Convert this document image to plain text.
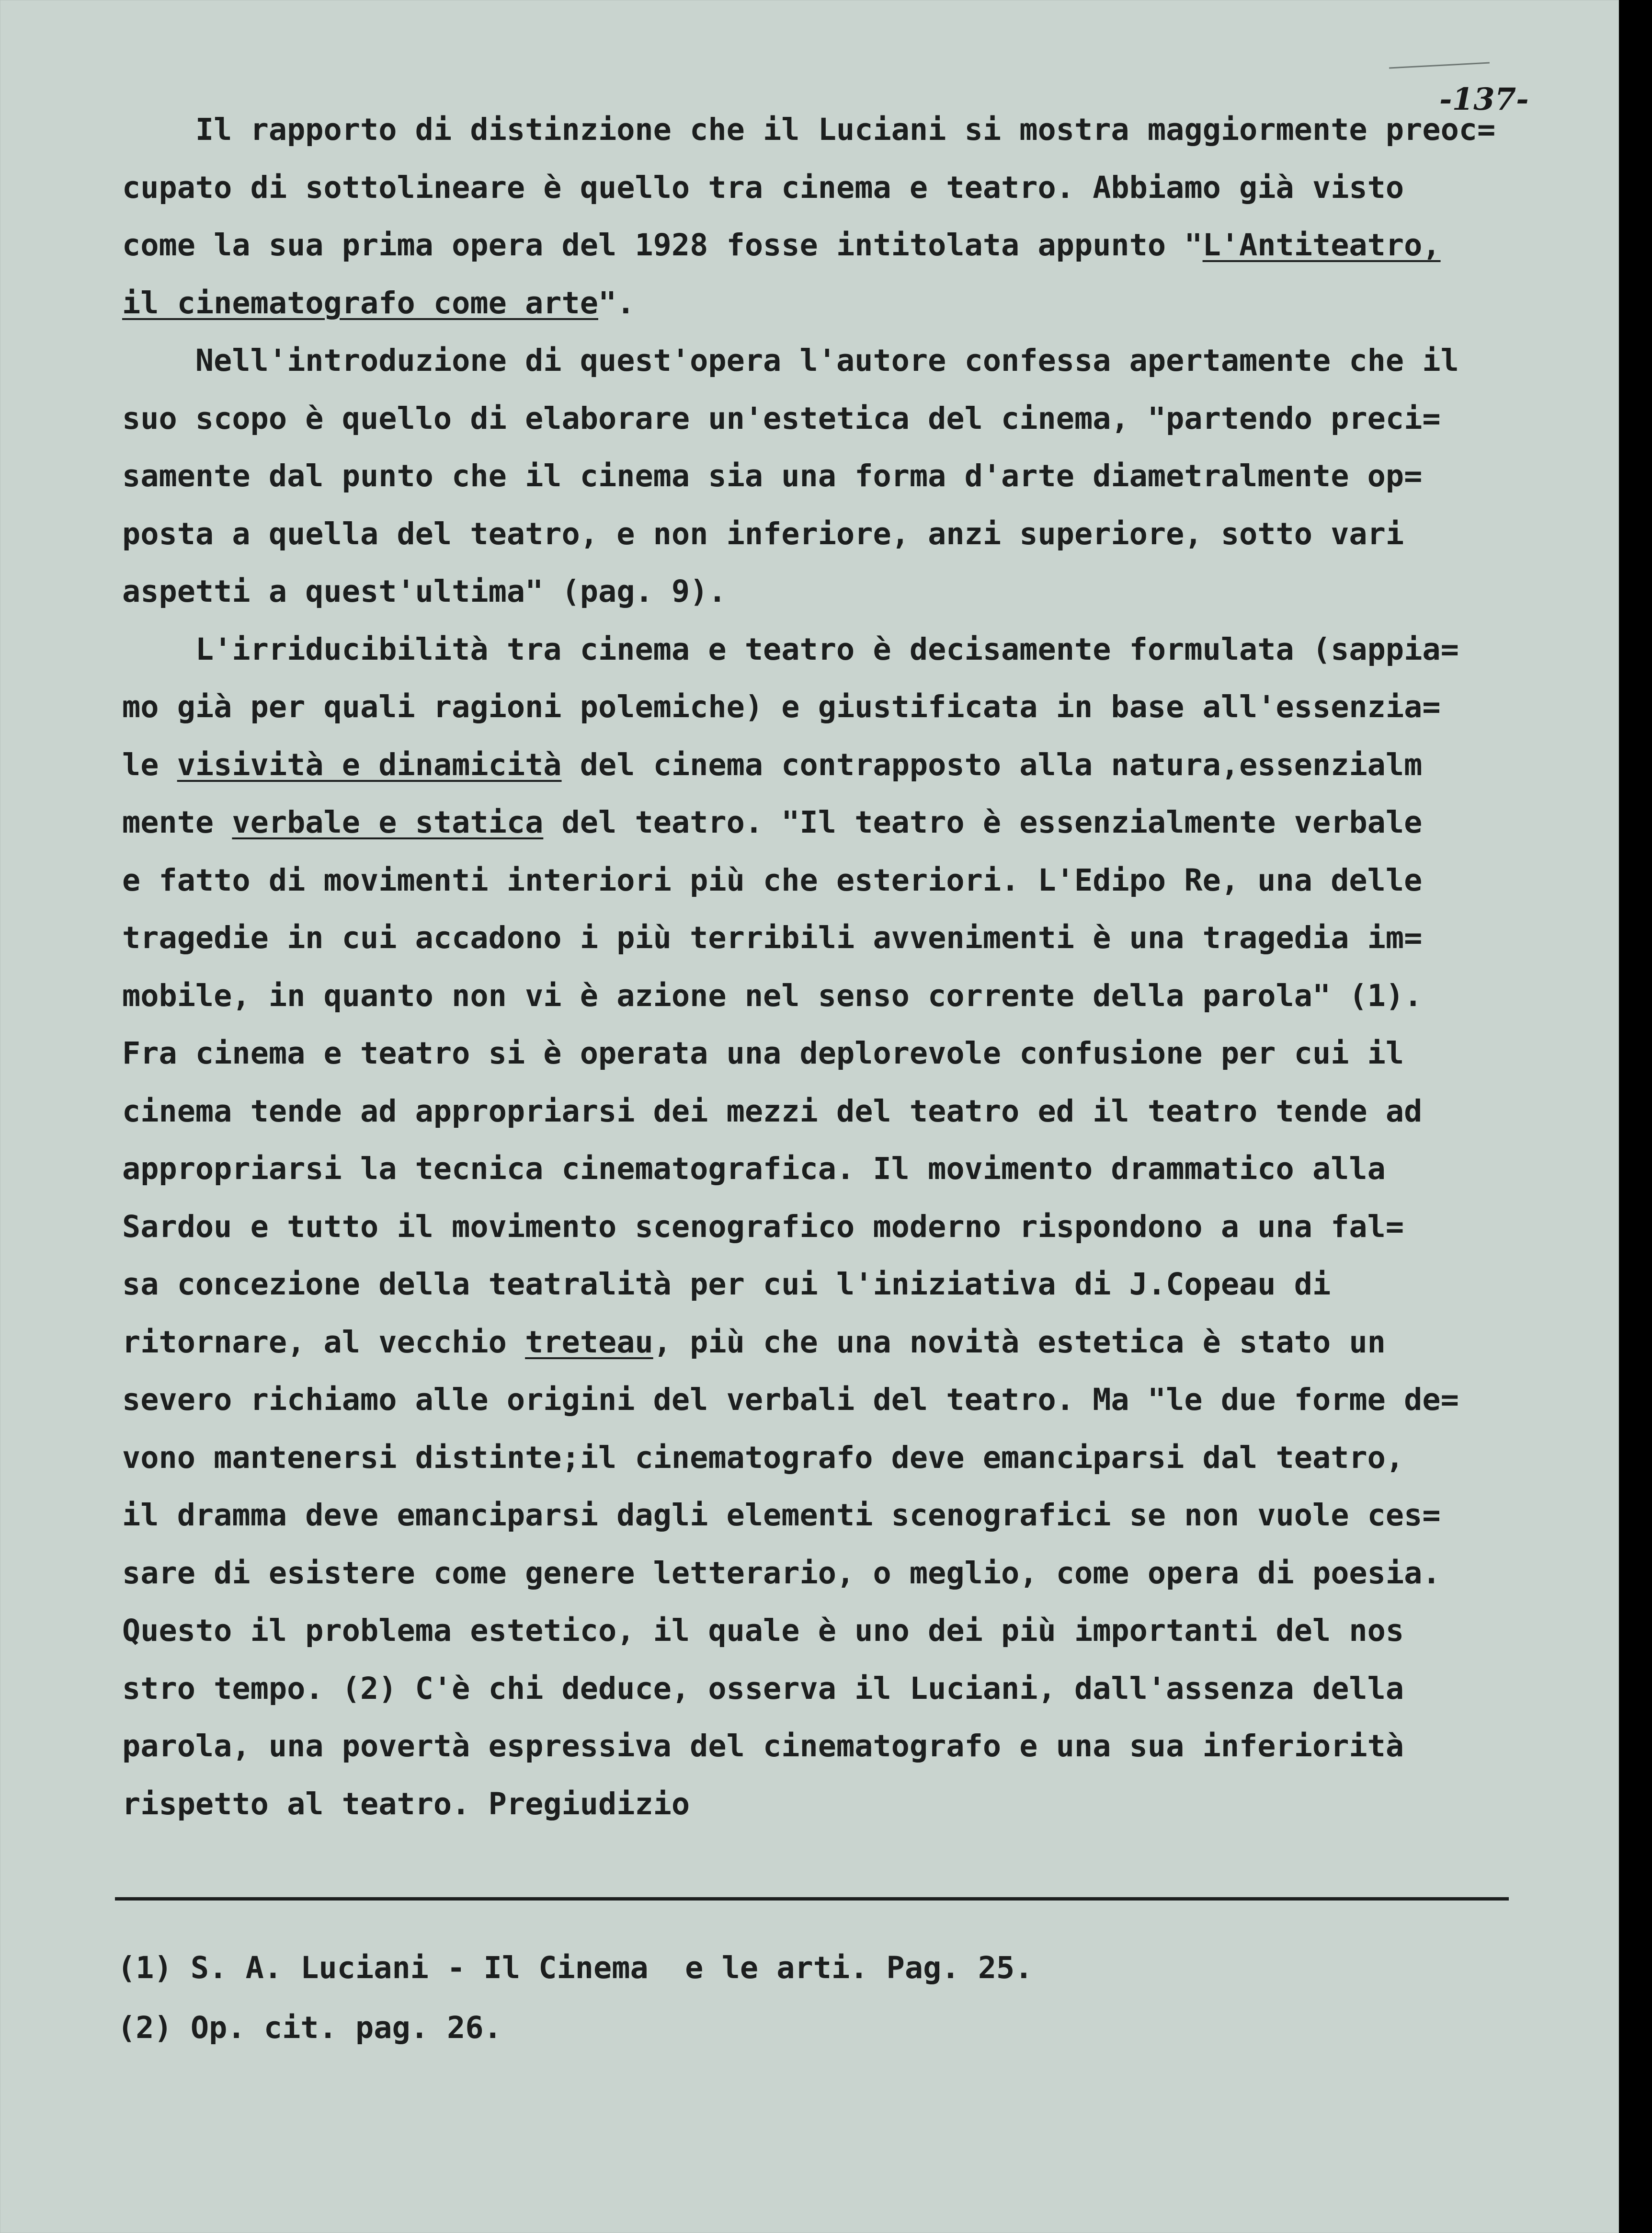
-137-
Il rapporto di distinzione che il Luciani si mostra maggiormente preoc=
cupato di sottolineare è quello tra cinema e teatro. Abbiamo già visto
come la sua prima opera del 1928 fosse intitolata appunto "L'Antiteatro,
il cinematografo come arte".
Nell'introduzione di quest'opera l'autore confessa apertamente che il
suo scopo è quello di elaborare un'estetica del cinema, "partendo preci=
samente dal punto che il cinema sia una forma d'arte diametralmente op=
posta a quella del teatro, e non inferiore, anzi superiore, sotto vari
aspetti a quest'ultima" (pag. 9).
L'irriducibilità tra cinema e teatro è decisamente formulata (sappia=
mo già per quali ragioni polemiche) e giustificata in base all'essenzia=
le visività e dinamicità del cinema contrapposto alla natura,essenzialm
mente verbale e statica del teatro. "Il teatro è essenzialmente verbale
e fatto di movimenti interiori più che esteriori. L'Edipo Re, una delle
tragedie in cui accadono i più terribili avvenimenti è una tragedia im=
mobile, in quanto non vi è azione nel senso corrente della parola" (1).
Fra cinema e teatro si è operata una deplorevole confusione per cui il
cinema tende ad appropriarsi dei mezzi del teatro ed il teatro tende ad
appropriarsi la tecnica cinematografica. Il movimento drammatico alla
Sardou e tutto il movimento scenografico moderno rispondono a una fal=
sa concezione della teatralità per cui l'iniziativa di J.Copeau di
ritornare, al vecchio treteau, più che una novità estetica è stato un
severo richiamo alle origini del verbali del teatro. Ma "le due forme de=
vono mantenersi distinte;il cinematografo deve emanciparsi dal teatro,
il dramma deve emanciparsi dagli elementi scenografici se non vuole ces=
sare di esistere come genere letterario, o meglio, come opera di poesia.
Questo il problema estetico, il quale è uno dei più importanti del nos
stro tempo. (2) C'è chi deduce, osserva il Luciani, dall'assenza della
parola, una povertà espressiva del cinematografo e una sua inferiorità
rispetto al teatro. Pregiudizio
(1) S. A. Luciani - Il Cinema  e le arti. Pag. 25.
(2) Op. cit. pag. 26.
